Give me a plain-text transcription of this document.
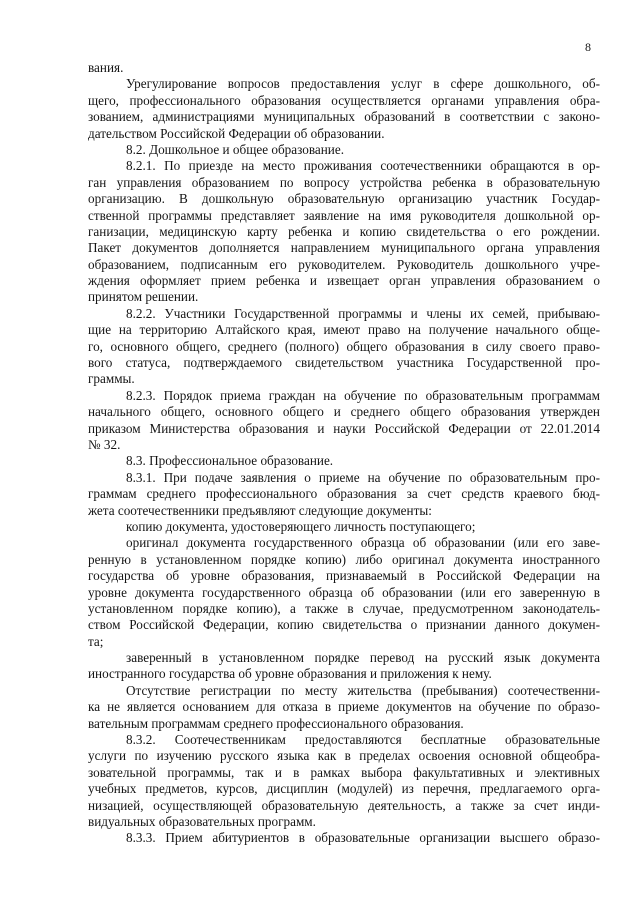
8
вания.
Урегулирование вопросов предоставления услуг в сфере дошкольного, об-
щего, профессионального образования осуществляется органами управления обра-
зованием, администрациями муниципальных образований в соответствии с законо-
дательством Российской Федерации об образовании.
8.2. Дошкольное и общее образование.
8.2.1. По приезде на место проживания соотечественники обращаются в ор-
ган управления образованием по вопросу устройства ребенка в образовательную
организацию. В дошкольную образовательную организацию участник Государ-
ственной программы представляет заявление на имя руководителя дошкольной ор-
ганизации, медицинскую карту ребенка и копию свидетельства о его рождении.
Пакет документов дополняется направлением муниципального органа управления
образованием, подписанным его руководителем. Руководитель дошкольного учре-
ждения оформляет прием ребенка и извещает орган управления образованием о
принятом решении.
8.2.2. Участники Государственной программы и члены их семей, прибываю-
щие на территорию Алтайского края, имеют право на получение начального обще-
го, основного общего, среднего (полного) общего образования в силу своего право-
вого статуса, подтверждаемого свидетельством участника Государственной про-
граммы.
8.2.3. Порядок приема граждан на обучение по образовательным программам
начального общего, основного общего и среднего общего образования утвержден
приказом Министерства образования и науки Российской Федерации от 22.01.2014
№ 32.
8.3. Профессиональное образование.
8.3.1. При подаче заявления о приеме на обучение по образовательным про-
граммам среднего профессионального образования за счет средств краевого бюд-
жета соотечественники предъявляют следующие документы:
копию документа, удостоверяющего личность поступающего;
оригинал документа государственного образца об образовании (или его заве-
ренную в установленном порядке копию) либо оригинал документа иностранного
государства об уровне образования, признаваемый в Российской Федерации на
уровне документа государственного образца об образовании (или его заверенную в
установленном порядке копию), а также в случае, предусмотренном законодатель-
ством Российской Федерации, копию свидетельства о признании данного докумен-
та;
заверенный в установленном порядке перевод на русский язык документа
иностранного государства об уровне образования и приложения к нему.
Отсутствие регистрации по месту жительства (пребывания) соотечественни-
ка не является основанием для отказа в приеме документов на обучение по образо-
вательным программам среднего профессионального образования.
8.3.2. Соотечественникам предоставляются бесплатные образовательные
услуги по изучению русского языка как в пределах освоения основной общеобра-
зовательной программы, так и в рамках выбора факультативных и элективных
учебных предметов, курсов, дисциплин (модулей) из перечня, предлагаемого орга-
низацией, осуществляющей образовательную деятельность, а также за счет инди-
видуальных образовательных программ.
8.3.3. Прием абитуриентов в образовательные организации высшего образо-
